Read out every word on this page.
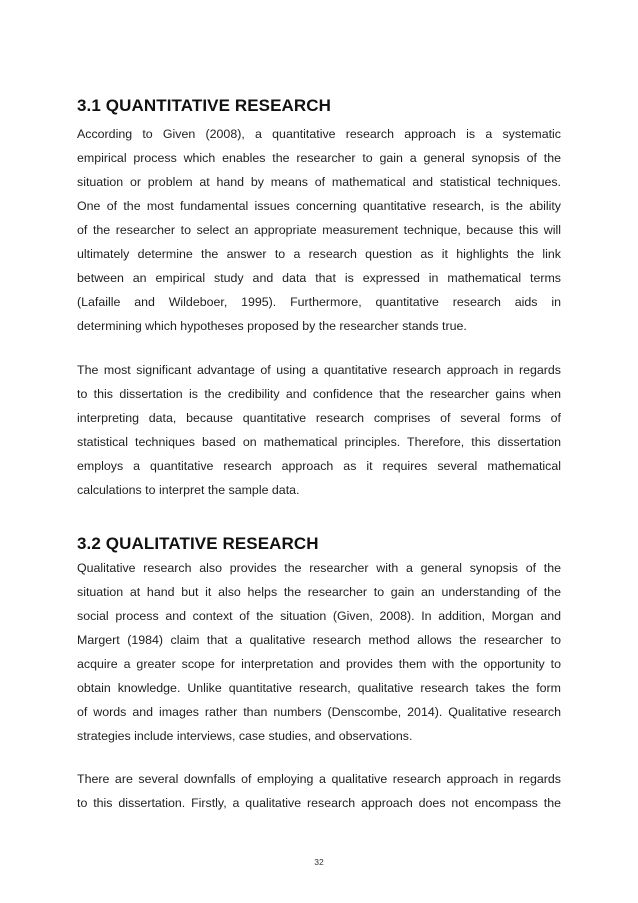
3.1 QUANTITATIVE RESEARCH
According to Given (2008), a quantitative research approach is a systematic
empirical process which enables the researcher to gain a general synopsis of the
situation or problem at hand by means of mathematical and statistical techniques.
One of the most fundamental issues concerning quantitative research, is the ability
of the researcher to select an appropriate measurement technique, because this will
ultimately determine the answer to a research question as it highlights the link
between an empirical study and data that is expressed in mathematical terms
(Lafaille and Wildeboer, 1995). Furthermore, quantitative research aids in
determining which hypotheses proposed by the researcher stands true.
The most significant advantage of using a quantitative research approach in regards
to this dissertation is the credibility and confidence that the researcher gains when
interpreting data, because quantitative research comprises of several forms of
statistical techniques based on mathematical principles. Therefore, this dissertation
employs a quantitative research approach as it requires several mathematical
calculations to interpret the sample data.
3.2 QUALITATIVE RESEARCH
Qualitative research also provides the researcher with a general synopsis of the
situation at hand but it also helps the researcher to gain an understanding of the
social process and context of the situation (Given, 2008). In addition, Morgan and
Margert (1984) claim that a qualitative research method allows the researcher to
acquire a greater scope for interpretation and provides them with the opportunity to
obtain knowledge. Unlike quantitative research, qualitative research takes the form
of words and images rather than numbers (Denscombe, 2014). Qualitative research
strategies include interviews, case studies, and observations.
There are several downfalls of employing a qualitative research approach in regards
to this dissertation. Firstly, a qualitative research approach does not encompass the
32
